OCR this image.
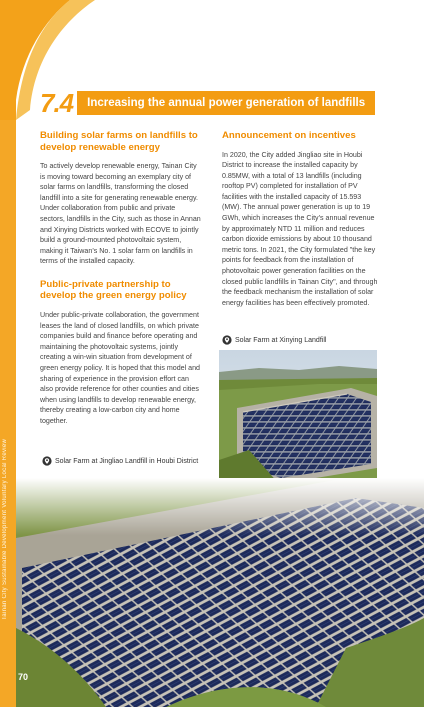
Tainan City Sustainable Development Voluntary Local Review
7.4	Increasing the annual power generation of landfills
Building solar farms on landfills to develop renewable energy

To actively develop renewable energy, Tainan City is moving toward becoming an exemplary city of solar farms on landfills, transforming the closed landfill into a site for generating renewable energy. Under collaboration from public and private sectors, landfills in the City, such as those in Annan and Xinying Districts worked with ECOVE to jointly build a ground-mounted photovoltaic system, making it Taiwan’s No. 1 solar farm on landfills in terms of the installed capacity.

Public-private partnership to develop the green energy policy

Under public-private collaboration, the government leases the land of closed landfills, on which private companies build and finance before operating and maintaining the photovoltaic systems, jointly creating a win-win situation from development of green energy policy. It is hoped that this model and sharing of experience in the provision effort can also provide reference for other counties and cities when using landfills to develop renewable energy, thereby creating a low-carbon city and home together.

Announcement on incentives

In 2020, the City added Jingliao site in Houbi District to increase the installed capacity by 0.85MW, with a total of 13 landfills (including rooftop PV) completed for installation of PV facilities with the installed capacity of 15.593 (MW). The annual power generation is up to 19 GWh, which increases the City’s annual revenue by approximately NTD 11 million and reduces carbon dioxide emissions by about 10 thousand metric tons. In 2021, the City formulated "the key points for feedback from the installation of photovoltaic power generation facilities on the closed public landfills in Tainan City", and through the feedback mechanism the installation of solar energy facilities has been effectively promoted.

Solar Farm at Xinying Landfill
Solar Farm at Jingliao Landfill in Houbi District
70
